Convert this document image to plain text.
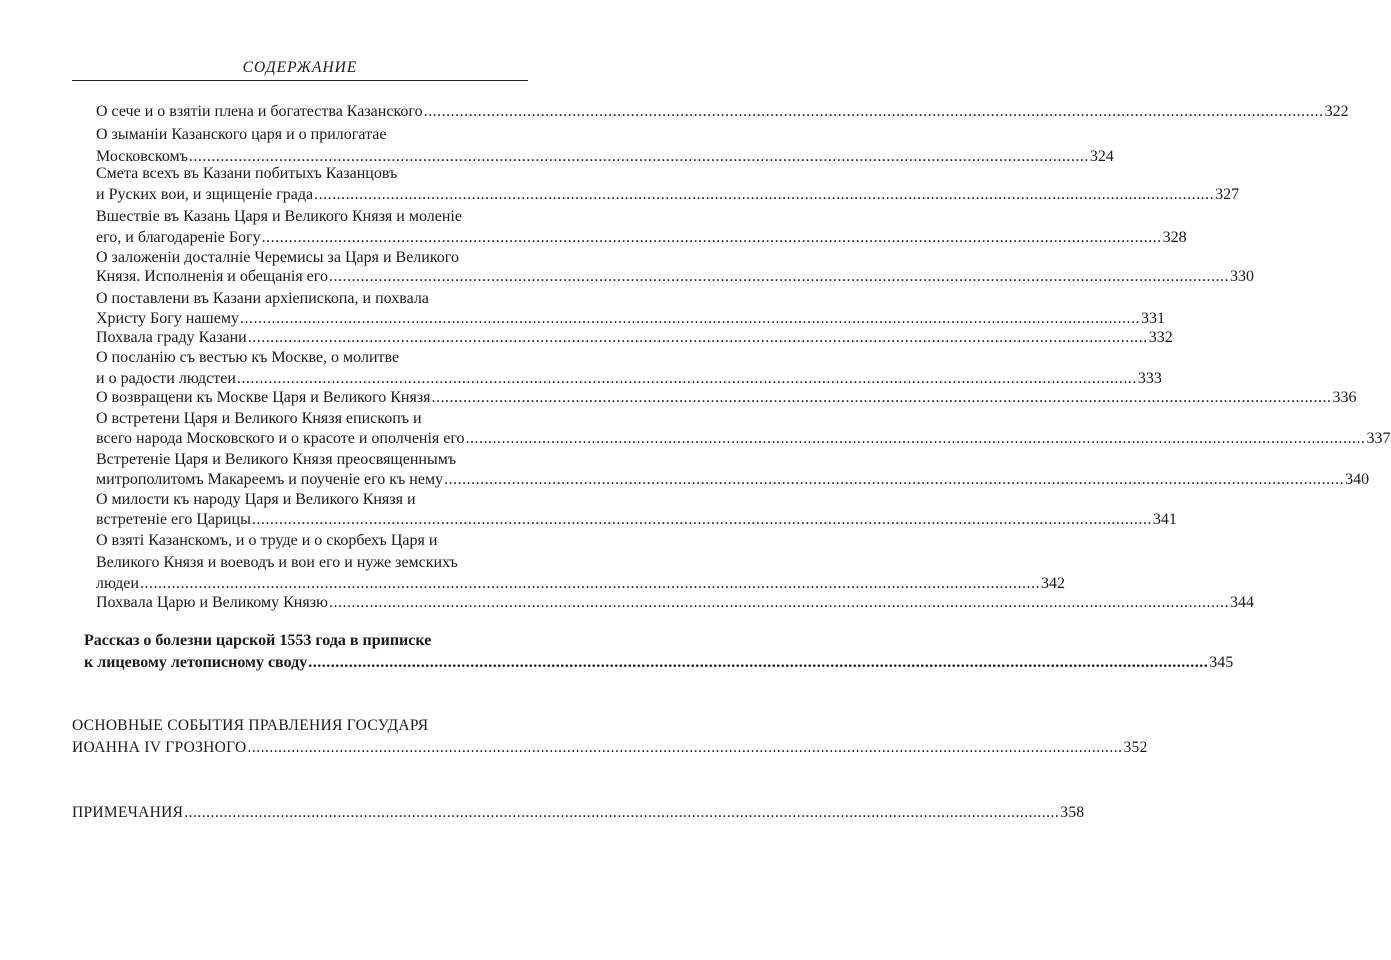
СОДЕРЖАНИЕ
О сече и о взятіи плена и богатества Казанского ........................................................................................................................................................................................................ 322
О зыманіи Казанского царя и о прилогатае
Московскомъ ........................................................................................................................................................................................................ 324
Смета всехъ въ Казани побитыхъ Казанцовъ
и Руских вои, и зщищеніе града ........................................................................................................................................................................................................ 327
Вшествіе въ Казань Царя и Великого Князя и моленіе
его, и благодареніе Богу ........................................................................................................................................................................................................ 328
О заложеніи досталніе Черемисы за Царя и Великого
Князя. Исполненія и обещанія его ........................................................................................................................................................................................................ 330
О поставлени въ Казани архіепископа, и похвала
Христу Богу нашему ........................................................................................................................................................................................................ 331
Похвала граду Казани ........................................................................................................................................................................................................ 332
О посланію съ вестью къ Москве, о молитве
и о радости людстеи ........................................................................................................................................................................................................ 333
О возвращени къ Москве Царя и Великого Князя ........................................................................................................................................................................................................ 336
О встретени Царя и Великого Князя епископъ и
всего народа Московского и о красоте и ополченія его ........................................................................................................................................................................................................ 337
Встретеніе Царя и Великого Князя преосвященнымъ
митрополитомъ Макареемъ и поученіе его къ нему ........................................................................................................................................................................................................ 340
О милости къ народу Царя и Великого Князя и
встретеніе его Царицы ........................................................................................................................................................................................................ 341
О взяті Казанскомъ, и о труде и о скорбехъ Царя и
Великого Князя и воеводъ и вои его и нуже земскихъ
людеи ........................................................................................................................................................................................................ 342
Похвала Царю и Великому Князю ........................................................................................................................................................................................................ 344
Рассказ о болезни царской 1553 года в приписке
к лицевому летописному своду ........................................................................................................................................................................................................ 345
ОСНОВНЫЕ СОБЫТИЯ ПРАВЛЕНИЯ ГОСУДАРЯ
ИОАННА IV ГРОЗНОГО ........................................................................................................................................................................................................ 352
ПРИМЕЧАНИЯ ........................................................................................................................................................................................................ 358
